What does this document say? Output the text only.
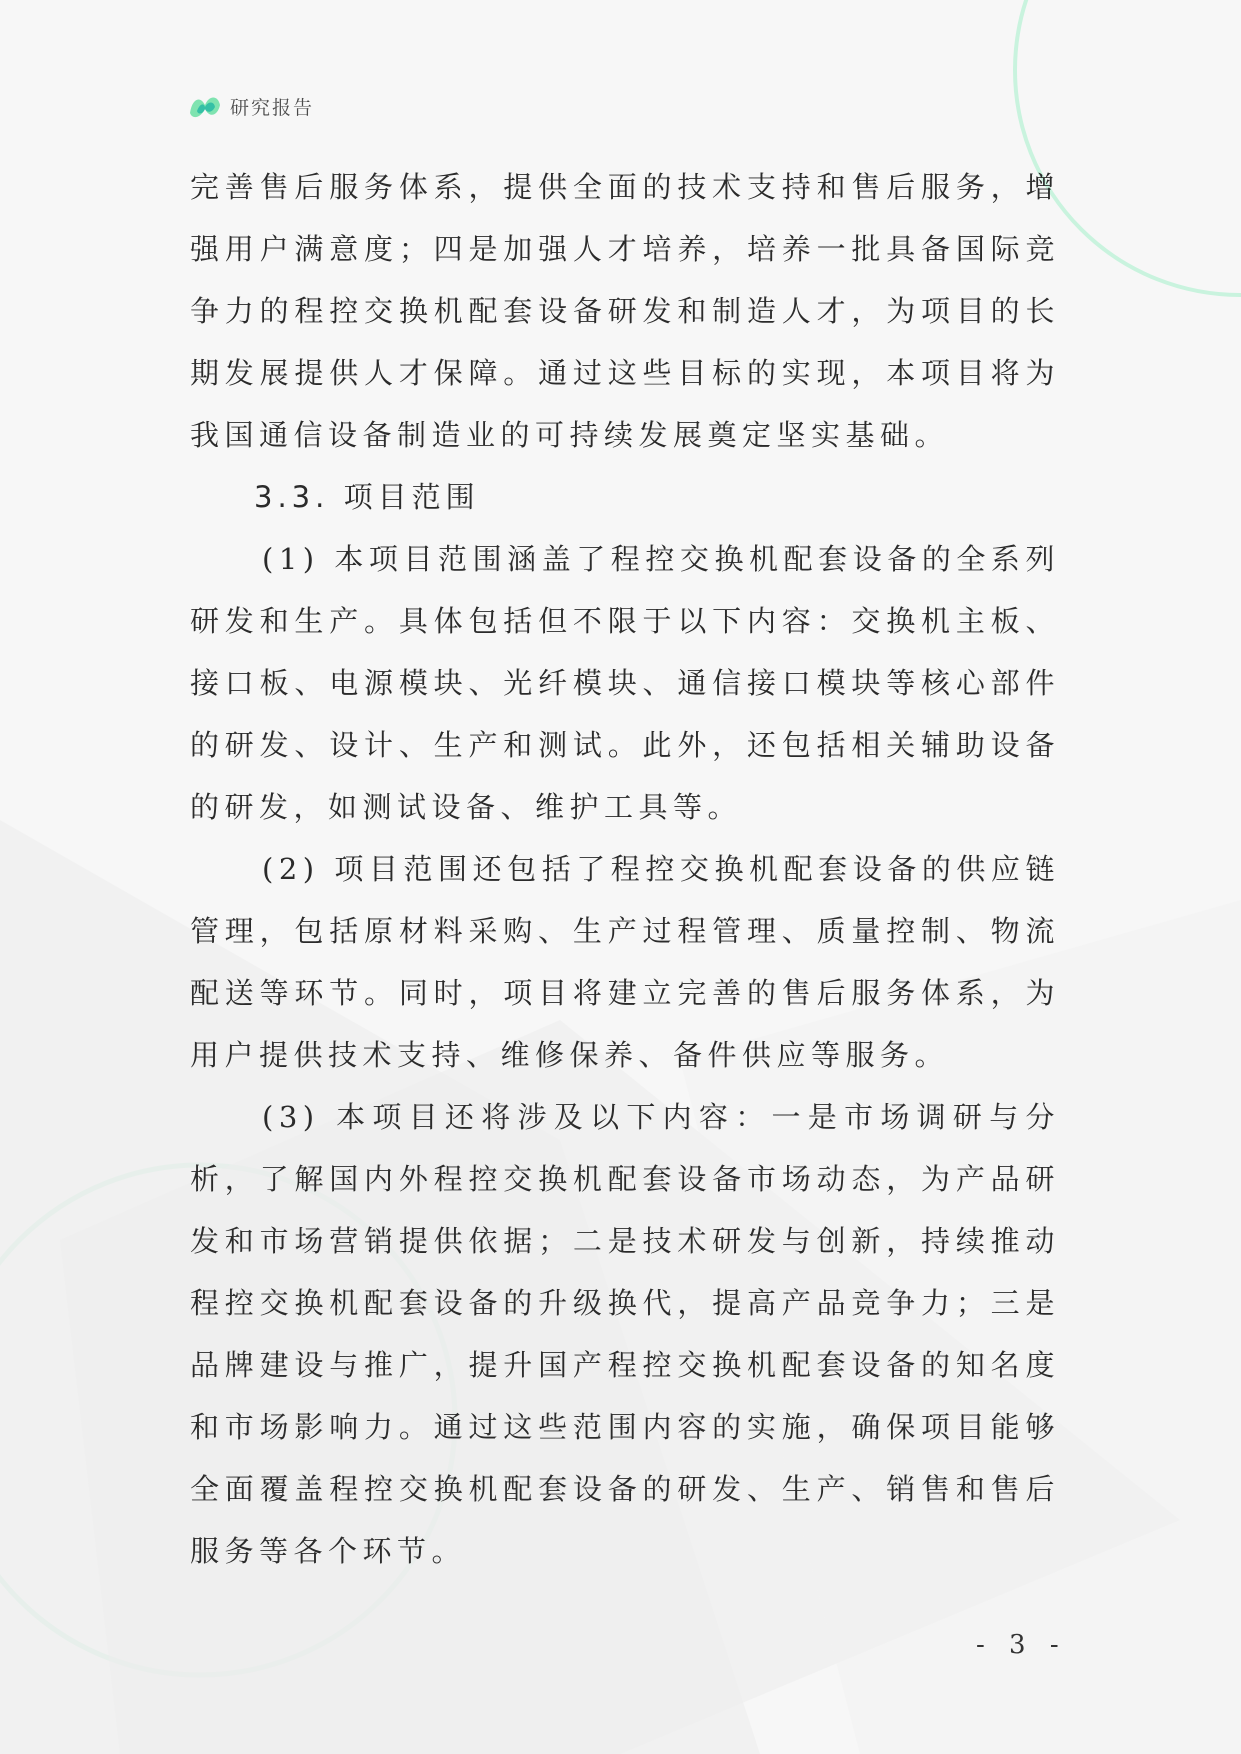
研究报告

完善售后服务体系，提供全面的技术支持和售后服务，增强用户满意度；四是加强人才培养，培养一批具备国际竞争力的程控交换机配套设备研发和制造人才，为项目的长期发展提供人才保障。通过这些目标的实现，本项目将为我国通信设备制造业的可持续发展奠定坚实基础。

3.3. 项目范围

(1) 本项目范围涵盖了程控交换机配套设备的全系列研发和生产。具体包括但不限于以下内容：交换机主板、接口板、电源模块、光纤模块、通信接口模块等核心部件的研发、设计、生产和测试。此外，还包括相关辅助设备的研发，如测试设备、维护工具等。

(2) 项目范围还包括了程控交换机配套设备的供应链管理，包括原材料采购、生产过程管理、质量控制、物流配送等环节。同时，项目将建立完善的售后服务体系，为用户提供技术支持、维修保养、备件供应等服务。

(3) 本项目还将涉及以下内容：一是市场调研与分析，了解国内外程控交换机配套设备市场动态，为产品研发和市场营销提供依据；二是技术研发与创新，持续推动程控交换机配套设备的升级换代，提高产品竞争力；三是品牌建设与推广，提升国产程控交换机配套设备的知名度和市场影响力。通过这些范围内容的实施，确保项目能够全面覆盖程控交换机配套设备的研发、生产、销售和售后服务等各个环节。

- 3 -
